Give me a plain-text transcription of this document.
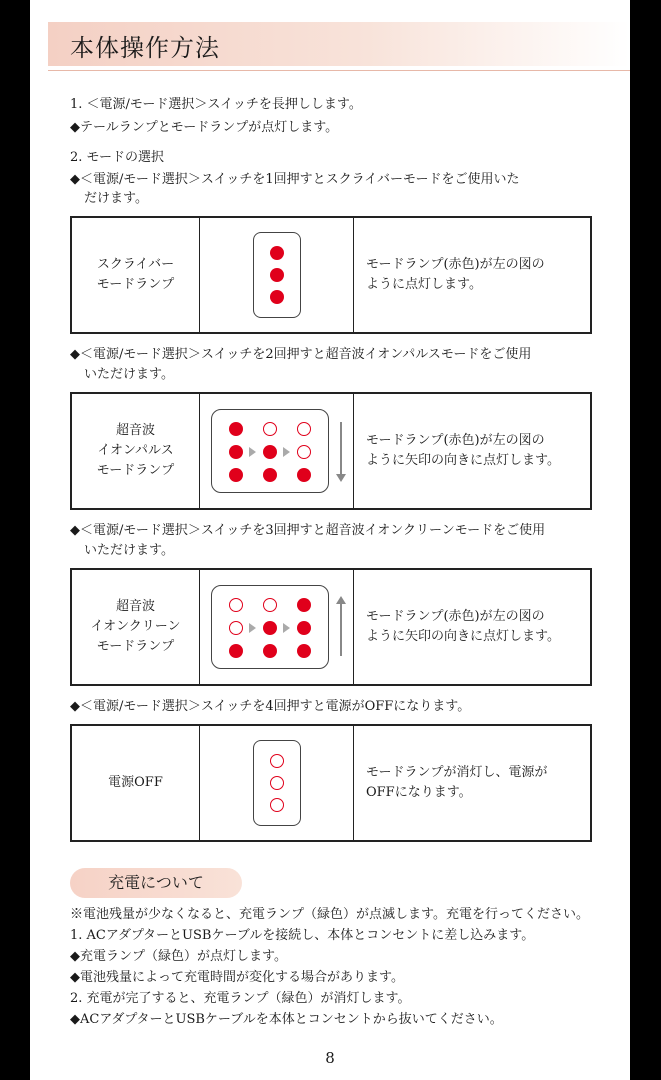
本体操作方法
1. ＜電源/モード選択＞スイッチを長押しします。
◆テールランプとモードランプが点灯します。
2. モードの選択
◆＜電源/モード選択＞スイッチを1回押すとスクライバーモードをご使用いた
だけます。
スクライバー
モードランプ
モードランプ(赤色)が左の図の
ように点灯します。
◆＜電源/モード選択＞スイッチを2回押すと超音波イオンパルスモードをご使用
いただけます。
超音波
イオンパルス
モードランプ
モードランプ(赤色)が左の図の
ように矢印の向きに点灯します。
◆＜電源/モード選択＞スイッチを3回押すと超音波イオンクリーンモードをご使用
いただけます。
超音波
イオンクリーン
モードランプ
モードランプ(赤色)が左の図の
ように矢印の向きに点灯します。
◆＜電源/モード選択＞スイッチを4回押すと電源がOFFになります。
電源OFF
モードランプが消灯し、電源が
OFFになります。
充電について
※電池残量が少なくなると、充電ランプ（緑色）が点滅します。充電を行ってください。
1. ACアダプターとUSBケーブルを接続し、本体とコンセントに差し込みます。
◆充電ランプ（緑色）が点灯します。
◆電池残量によって充電時間が変化する場合があります。
2. 充電が完了すると、充電ランプ（緑色）が消灯します。
◆ACアダプターとUSBケーブルを本体とコンセントから抜いてください。
8
